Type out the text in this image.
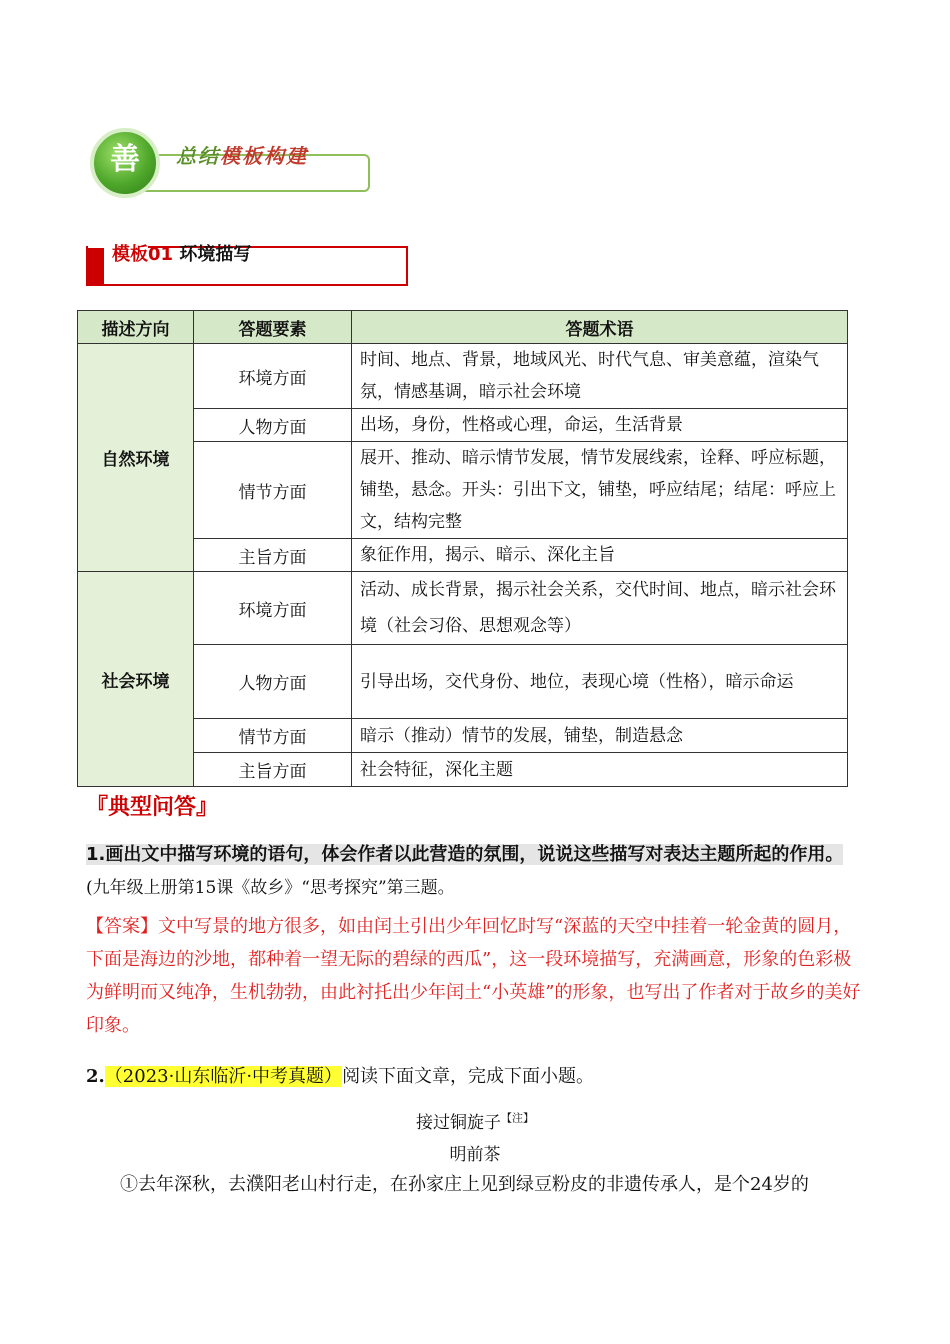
善	总结模板构建
模板01 环境描写
描述方向	答题要素	答题术语
自然环境	环境方面	时间、地点、背景，地域风光、时代气息、审美意蕴，渲染气氛，情感基调，暗示社会环境
	人物方面	出场，身份，性格或心理，命运，生活背景
	情节方面	展开、推动、暗示情节发展，情节发展线索，诠释、呼应标题，铺垫，悬念。开头：引出下文，铺垫，呼应结尾；结尾：呼应上文，结构完整
	主旨方面	象征作用，揭示、暗示、深化主旨
社会环境	环境方面	活动、成长背景，揭示社会关系，交代时间、地点，暗示社会环境（社会习俗、思想观念等）
	人物方面	引导出场，交代身份、地位，表现心境（性格），暗示命运
	情节方面	暗示（推动）情节的发展，铺垫，制造悬念
	主旨方面	社会特征，深化主题
『典型问答』
1.画出文中描写环境的语句，体会作者以此营造的氛围，说说这些描写对表达主题所起的作用。(九年级上册第15课《故乡》“思考探究”第三题。
【答案】文中写景的地方很多，如由闰土引出少年回忆时写“深蓝的天空中挂着一轮金黄的圆月，下面是海边的沙地，都种着一望无际的碧绿的西瓜”，这一段环境描写，充满画意，形象的色彩极为鲜明而又纯净，生机勃勃，由此衬托出少年闰土“小英雄”的形象，也写出了作者对于故乡的美好印象。
2.（2023·山东临沂·中考真题）阅读下面文章，完成下面小题。
接过铜旋子$^{【注】}$
明前茶
①去年深秋，去濮阳老山村行走，在孙家庄上见到绿豆粉皮的非遗传承人，是个24岁的
